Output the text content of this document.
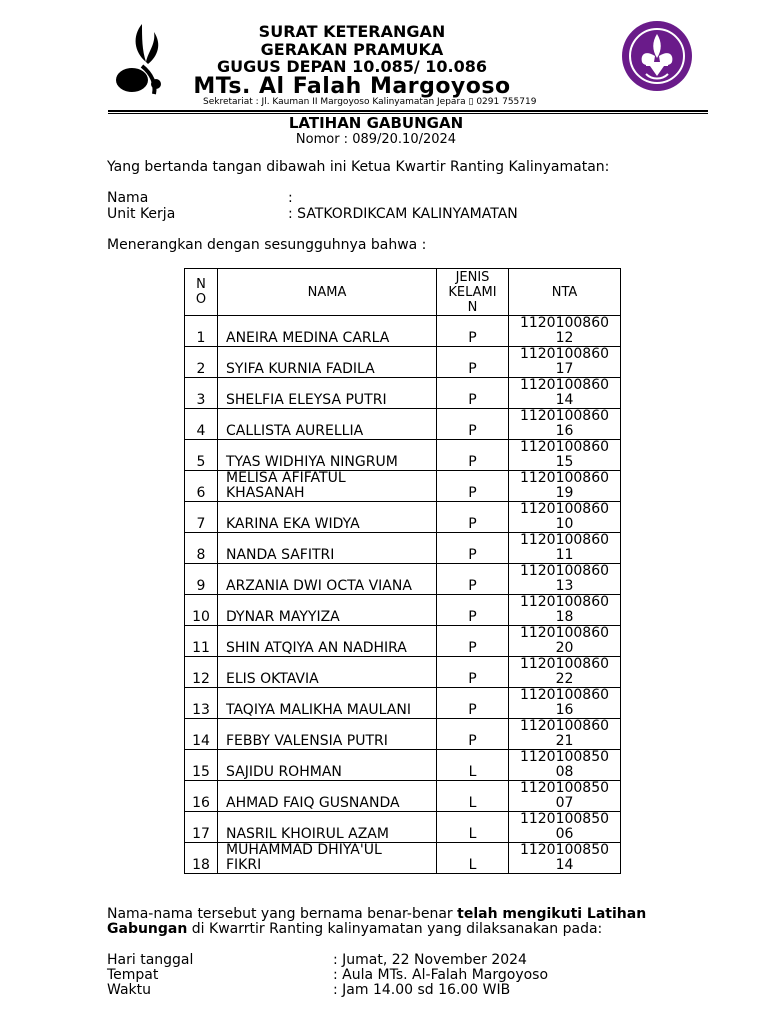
SURAT KETERANGAN
GERAKAN PRAMUKA
GUGUS DEPAN 10.085/ 10.086
MTs. Al Falah Margoyoso
Sekretariat : Jl. Kauman II Margoyoso Kalinyamatan Jepara ▯ 0291 755719
LATIHAN GABUNGAN
Nomor : 089/20.10/2024
Yang bertanda tangan dibawah ini Ketua Kwartir Ranting Kalinyamatan:
Nama	:
Unit Kerja	: SATKORDIKCAM KALINYAMATAN
Menerangkan dengan sesungguhnya bahwa :
N
O	NAMA	JENIS
KELAMI
N	NTA
1	ANEIRA MEDINA CARLA	P	1120100860
12
2	SYIFA KURNIA FADILA	P	1120100860
17
3	SHELFIA ELEYSA PUTRI	P	1120100860
14
4	CALLISTA AURELLIA	P	1120100860
16
5	TYAS WIDHIYA NINGRUM	P	1120100860
15
6	MELISA AFIFATUL
KHASANAH	P	1120100860
19
7	KARINA EKA WIDYA	P	1120100860
10
8	NANDA SAFITRI	P	1120100860
11
9	ARZANIA DWI OCTA VIANA	P	1120100860
13
10	DYNAR MAYYIZA	P	1120100860
18
11	SHIN ATQIYA AN NADHIRA	P	1120100860
20
12	ELIS OKTAVIA	P	1120100860
22
13	TAQIYA MALIKHA MAULANI	P	1120100860
16
14	FEBBY VALENSIA PUTRI	P	1120100860
21
15	SAJIDU ROHMAN	L	1120100850
08
16	AHMAD FAIQ GUSNANDA	L	1120100850
07
17	NASRIL KHOIRUL AZAM	L	1120100850
06
18	MUHAMMAD DHIYA'UL
FIKRI	L	1120100850
14
Nama-nama tersebut yang bernama benar-benar telah mengikuti Latihan
Gabungan di Kwarrtir Ranting kalinyamatan yang dilaksanakan pada:
Hari tanggal	: Jumat, 22 November 2024
Tempat	: Aula MTs. Al-Falah Margoyoso
Waktu	: Jam 14.00 sd 16.00 WIB
